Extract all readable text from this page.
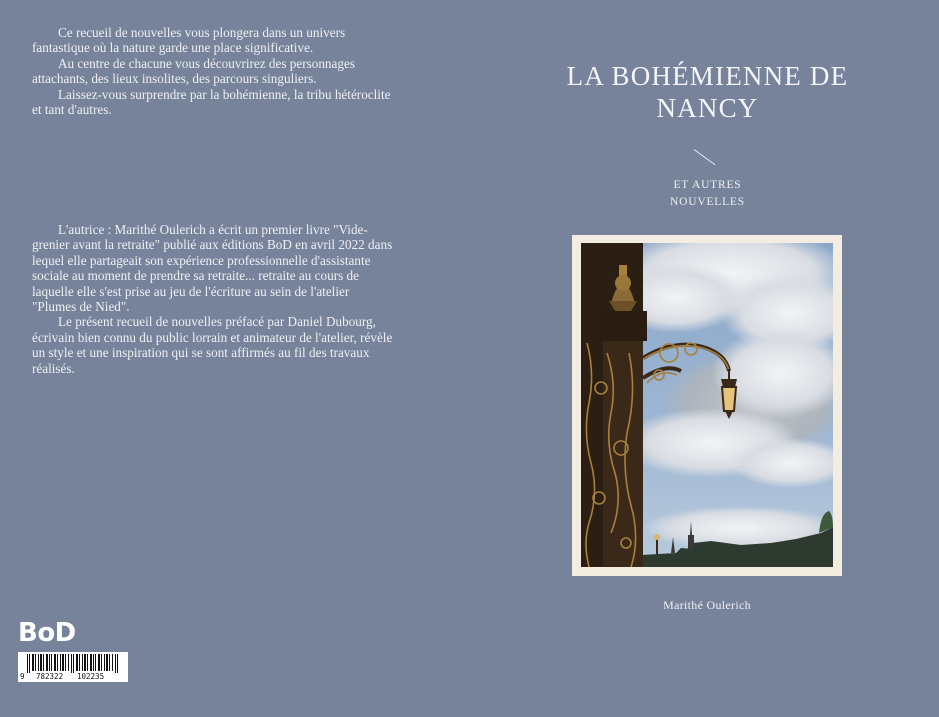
Ce recueil de nouvelles vous plongera dans un univers fantastique où la nature garde une place significative.

Au centre de chacune vous découvrirez des personnages attachants, des lieux insolites, des parcours singuliers.

Laissez-vous surprendre par la bohémienne, la tribu hétéroclite et tant d'autres.

L'autrice : Marithé Oulerich a écrit un premier livre "Vide-grenier avant la retraite" publié aux éditions BoD en avril 2022 dans lequel elle partageait son expérience professionnelle d'assistante sociale au moment de prendre sa retraite... retraite au cours de laquelle elle s'est prise au jeu de l'écriture au sein de l'atelier "Plumes de Nied".

Le présent recueil de nouvelles préfacé par Daniel Dubourg, écrivain bien connu du public lorrain et animateur de l'atelier, révèle un style et une inspiration qui se sont affirmés au fil des travaux réalisés.

BoD

9

782322

102235

LA BOHÉMIENNE DE
NANCY
ET AUTRES
NOUVELLES
Marithé Oulerich
